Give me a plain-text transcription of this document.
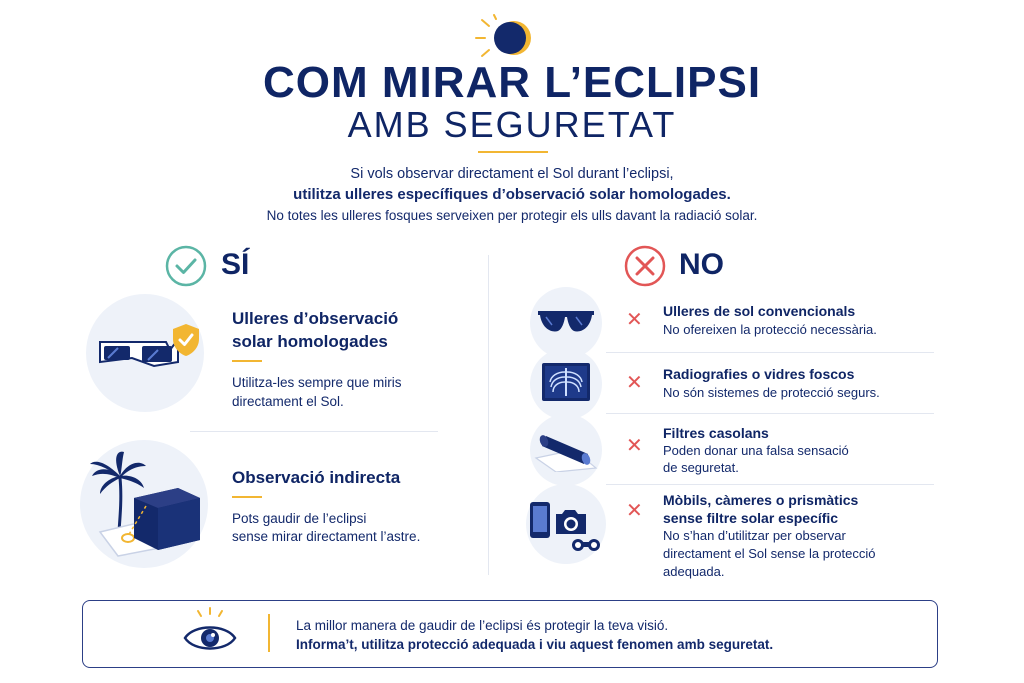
COM MIRAR L’ECLIPSI
AMB SEGURETAT
Si vols observar directament el Sol durant l’eclipsi,
utilitza ulleres específiques d’observació solar homologades.
No totes les ulleres fosques serveixen per protegir els ulls davant la radiació solar.
SÍ	NO
Ulleres d’observació
solar homologades
Utilitza-les sempre que miris
directament el Sol.
Observació indirecta
Pots gaudir de l’eclipsi
sense mirar directament l’astre.
✕ Ulleres de sol convencionals
No ofereixen la protecció necessària.
✕ Radiografies o vidres foscos
No són sistemes de protecció segurs.
✕
Filtres casolans
Poden donar una falsa sensació
de seguretat.
✕ Mòbils, càmeres o prismàtics
sense filtre solar específic
No s’han d’utilitzar per observar
directament el Sol sense la protecció
adequada.
La millor manera de gaudir de l’eclipsi és protegir la teva visió.
Informa’t, utilitza protecció adequada i viu aquest fenomen amb seguretat.
